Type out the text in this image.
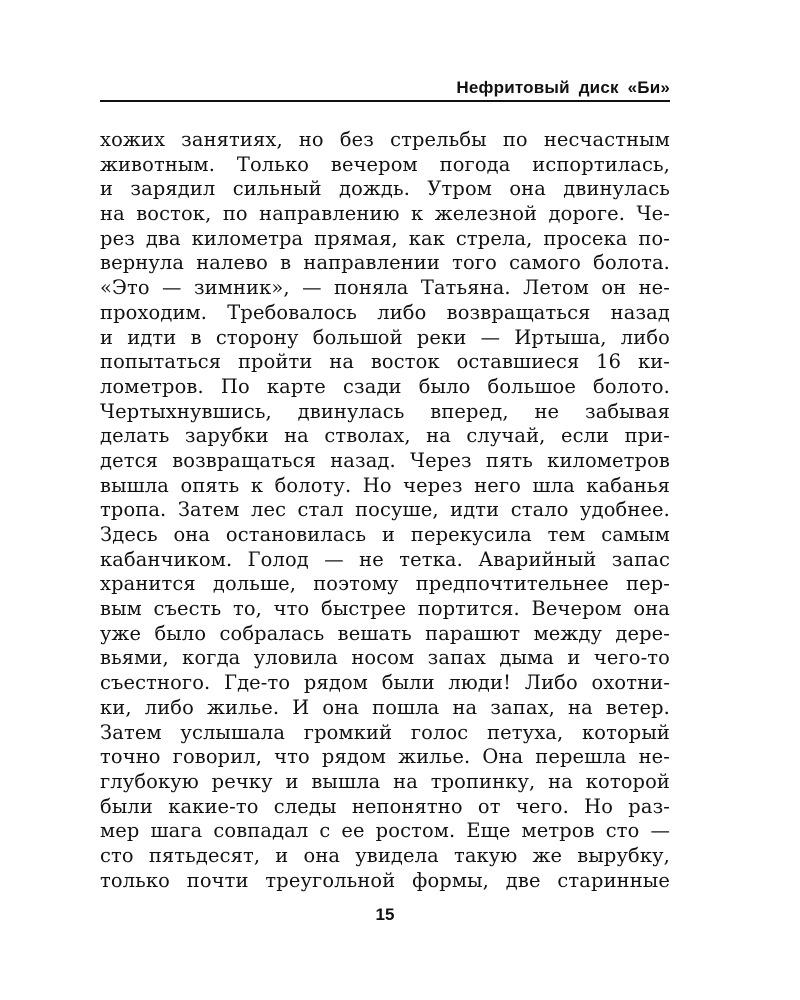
Нефритовый диск «Би»
хожих занятиях, но без стрельбы по несчастным
животным. Только вечером погода испортилась,
и зарядил сильный дождь. Утром она двинулась
на восток, по направлению к железной дороге. Че-
рез два километра прямая, как стрела, просека по-
вернула налево в направлении того самого болота.
«Это — зимник», — поняла Татьяна. Летом он не-
проходим. Требовалось либо возвращаться назад
и идти в сторону большой реки — Иртыша, либо
попытаться пройти на восток оставшиеся 16 ки-
лометров. По карте сзади было большое болото.
Чертыхнувшись, двинулась вперед, не забывая
делать зарубки на стволах, на случай, если при-
дется возвращаться назад. Через пять километров
вышла опять к болоту. Но через него шла кабанья
тропа. Затем лес стал посуше, идти стало удобнее.
Здесь она остановилась и перекусила тем самым
кабанчиком. Голод — не тетка. Аварийный запас
хранится дольше, поэтому предпочтительнее пер-
вым съесть то, что быстрее портится. Вечером она
уже было собралась вешать парашют между дере-
вьями, когда уловила носом запах дыма и чего-то
съестного. Где-то рядом были люди! Либо охотни-
ки, либо жилье. И она пошла на запах, на ветер.
Затем услышала громкий голос петуха, который
точно говорил, что рядом жилье. Она перешла не-
глубокую речку и вышла на тропинку, на которой
были какие-то следы непонятно от чего. Но раз-
мер шага совпадал с ее ростом. Еще метров сто —
сто пятьдесят, и она увидела такую же вырубку,
только почти треугольной формы, две старинные
15
